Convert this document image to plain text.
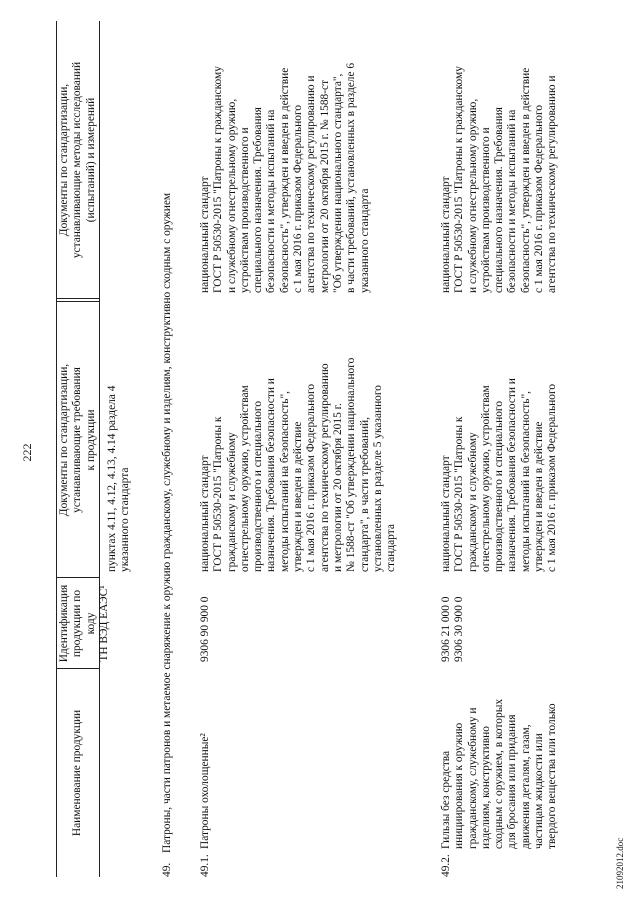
222
Наименование продукции
Идентификация
продукции по коду
ТН ВЭД ЕАЭС¹
Документы по стандартизации,
устанавливающие требования
к продукции
Документы по стандартизации,
устанавливающие методы исследований
(испытаний) и измерений
пунктах 4.11, 4.12, 4.13, 4.14 раздела 4
указанного стандарта
49.
Патроны, части патронов и метаемое снаряжение к оружию гражданскому, служебному и изделиям, конструктивно сходным с оружием
49.1.
Патроны охолощенные²
9306 90 900 0
национальный стандарт
ГОСТ Р 50530-2015 "Патроны к
гражданскому и служебному
огнестрельному оружию, устройствам
производственного и специального
назначения. Требования безопасности и
методы испытаний на безопасность",
утвержден и введен в действие
с 1 мая 2016 г. приказом Федерального
агентства по техническому регулированию
и метрологии от 20 октября 2015 г.
№ 1588-ст "Об утверждении национального
стандарта", в части требований,
установленных в разделе 5 указанного
стандарта
национальный стандарт
ГОСТ Р 50530-2015 "Патроны к гражданскому
и служебному огнестрельному оружию,
устройствам производственного и
специального назначения. Требования
безопасности и методы испытаний на
безопасность", утвержден и введен в действие
с 1 мая 2016 г. приказом Федерального
агентства по техническому регулированию и
метрологии от 20 октября 2015 г. № 1588-ст
"Об утверждении национального стандарта",
в части требований, установленных в разделе 6
указанного стандарта
49.2.
Гильзы без средства
инициирования к оружию
гражданскому, служебному и
изделиям, конструктивно
сходным с оружием, в которых
для бросания или придания
движения деталям, газам,
частицам жидкости или
твердого вещества или только
9306 21 000 0
9306 30 900 0
национальный стандарт
ГОСТ Р 50530-2015 "Патроны к
гражданскому и служебному
огнестрельному оружию, устройствам
производственного и специального
назначения. Требования безопасности и
методы испытаний на безопасность",
утвержден и введен в действие
с 1 мая 2016 г. приказом Федерального
национальный стандарт
ГОСТ Р 50530-2015 "Патроны к гражданскому
и служебному огнестрельному оружию,
устройствам производственного и
специального назначения. Требования
безопасности и методы испытаний на
безопасность", утвержден и введен в действие
с 1 мая 2016 г. приказом Федерального
агентства по техническому регулированию и
21092012.doc
